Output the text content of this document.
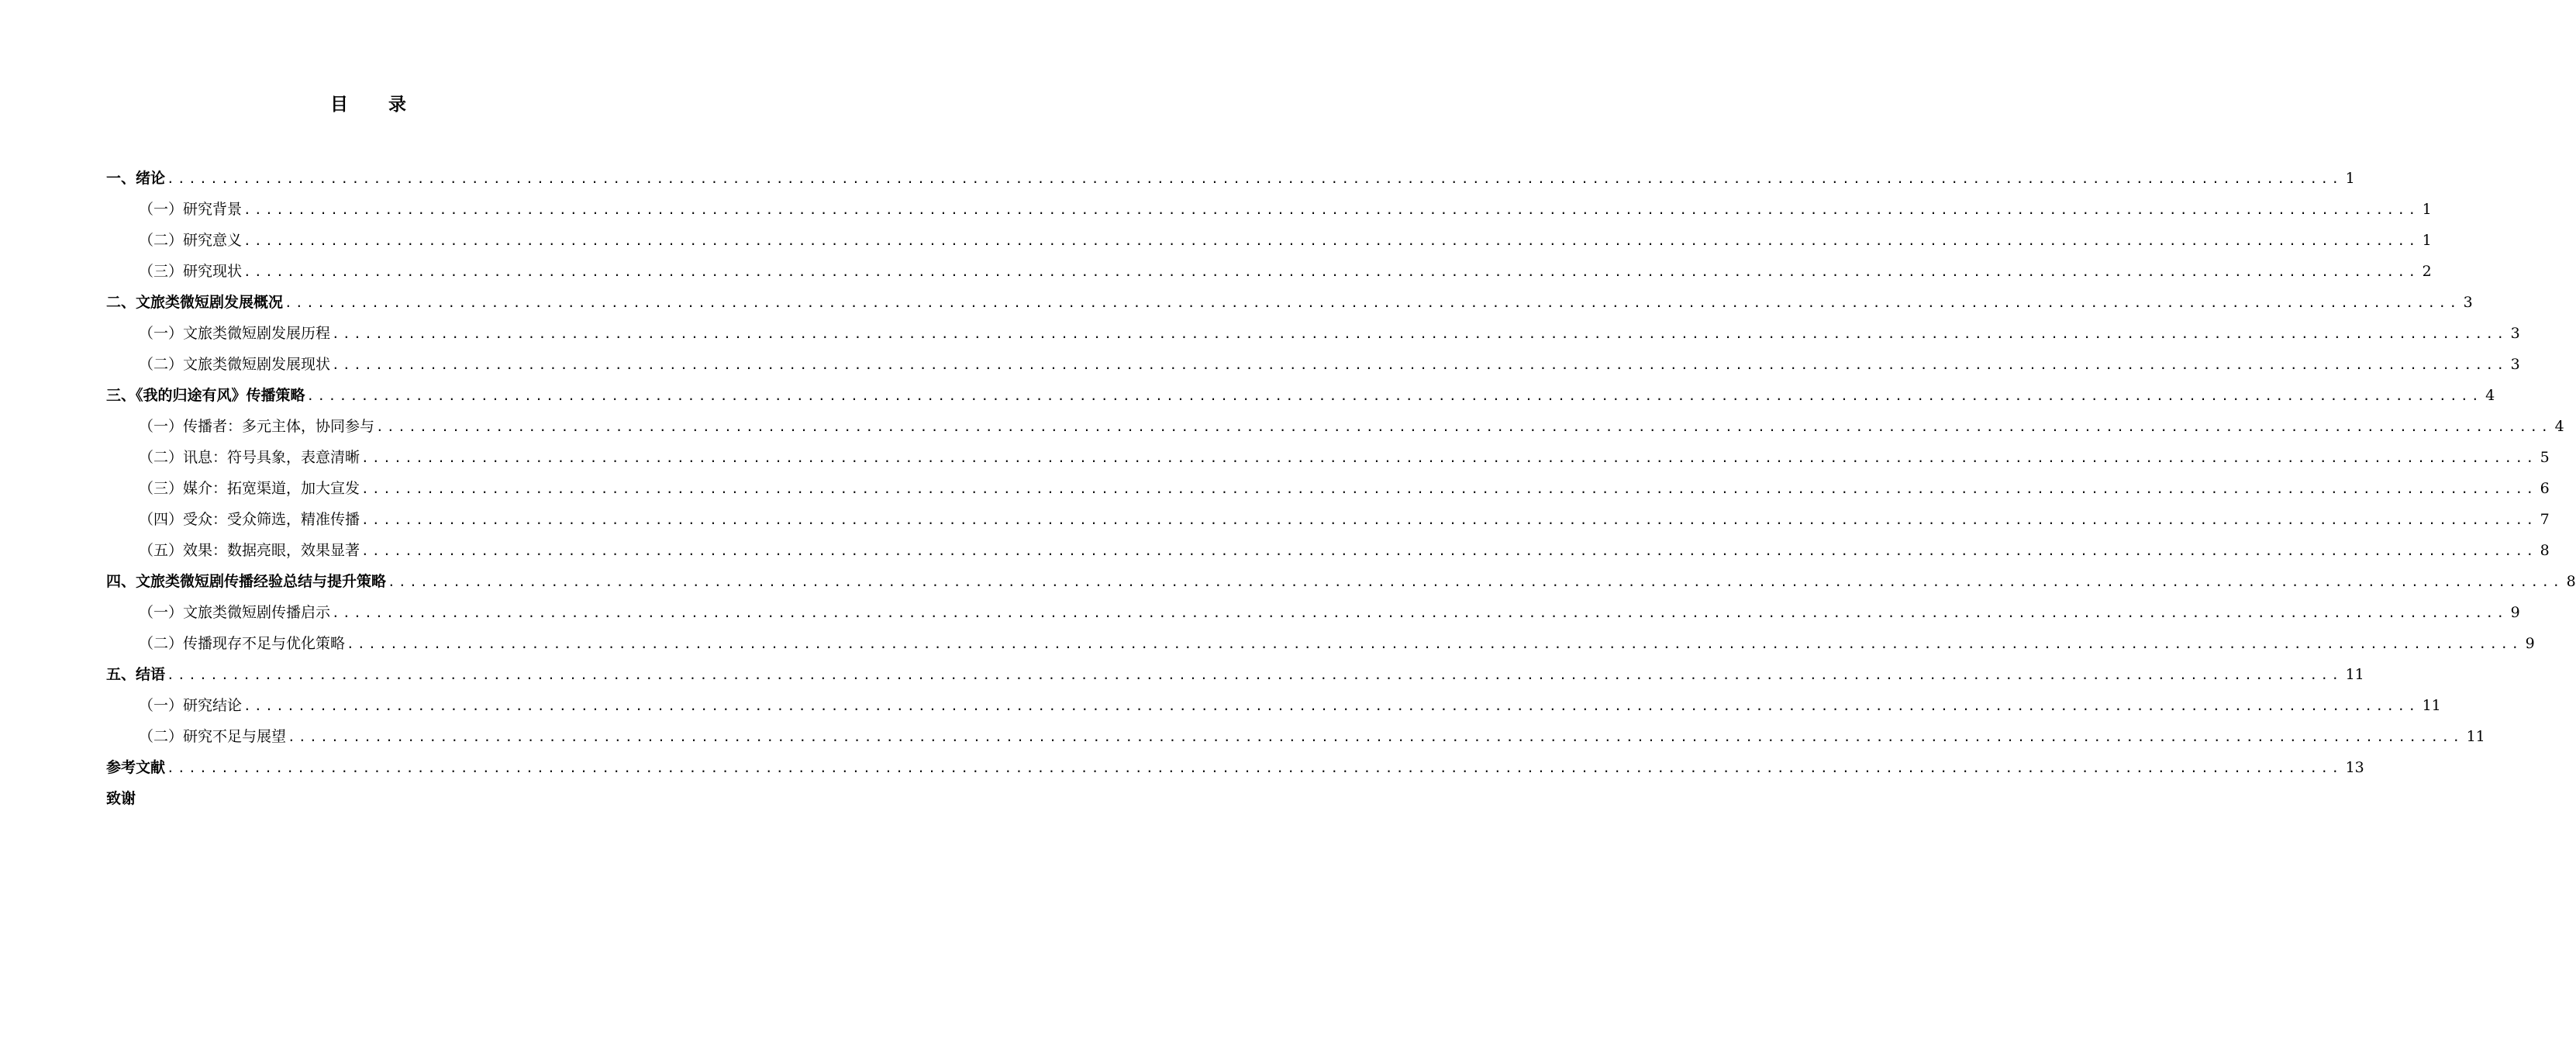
目录
一、绪论 ........................................................................................................................................................................................................ 1
（一）研究背景 ........................................................................................................................................................................................................ 1
（二）研究意义 ........................................................................................................................................................................................................ 1
（三）研究现状 ........................................................................................................................................................................................................ 2
二、文旅类微短剧发展概况 ........................................................................................................................................................................................................ 3
（一）文旅类微短剧发展历程 ........................................................................................................................................................................................................ 3
（二）文旅类微短剧发展现状 ........................................................................................................................................................................................................ 3
三、《我的归途有风》传播策略 ........................................................................................................................................................................................................ 4
（一）传播者：多元主体，协同参与 ........................................................................................................................................................................................................ 4
（二）讯息：符号具象，表意清晰 ........................................................................................................................................................................................................ 5
（三）媒介：拓宽渠道，加大宣发 ........................................................................................................................................................................................................ 6
（四）受众：受众筛选，精准传播 ........................................................................................................................................................................................................ 7
（五）效果：数据亮眼，效果显著 ........................................................................................................................................................................................................ 8
四、文旅类微短剧传播经验总结与提升策略 ........................................................................................................................................................................................................ 8
（一）文旅类微短剧传播启示 ........................................................................................................................................................................................................ 9
（二）传播现存不足与优化策略 ........................................................................................................................................................................................................ 9
五、结语 ........................................................................................................................................................................................................ 11
（一）研究结论 ........................................................................................................................................................................................................ 11
（二）研究不足与展望 ........................................................................................................................................................................................................ 11
参考文献 ........................................................................................................................................................................................................ 13
致谢
